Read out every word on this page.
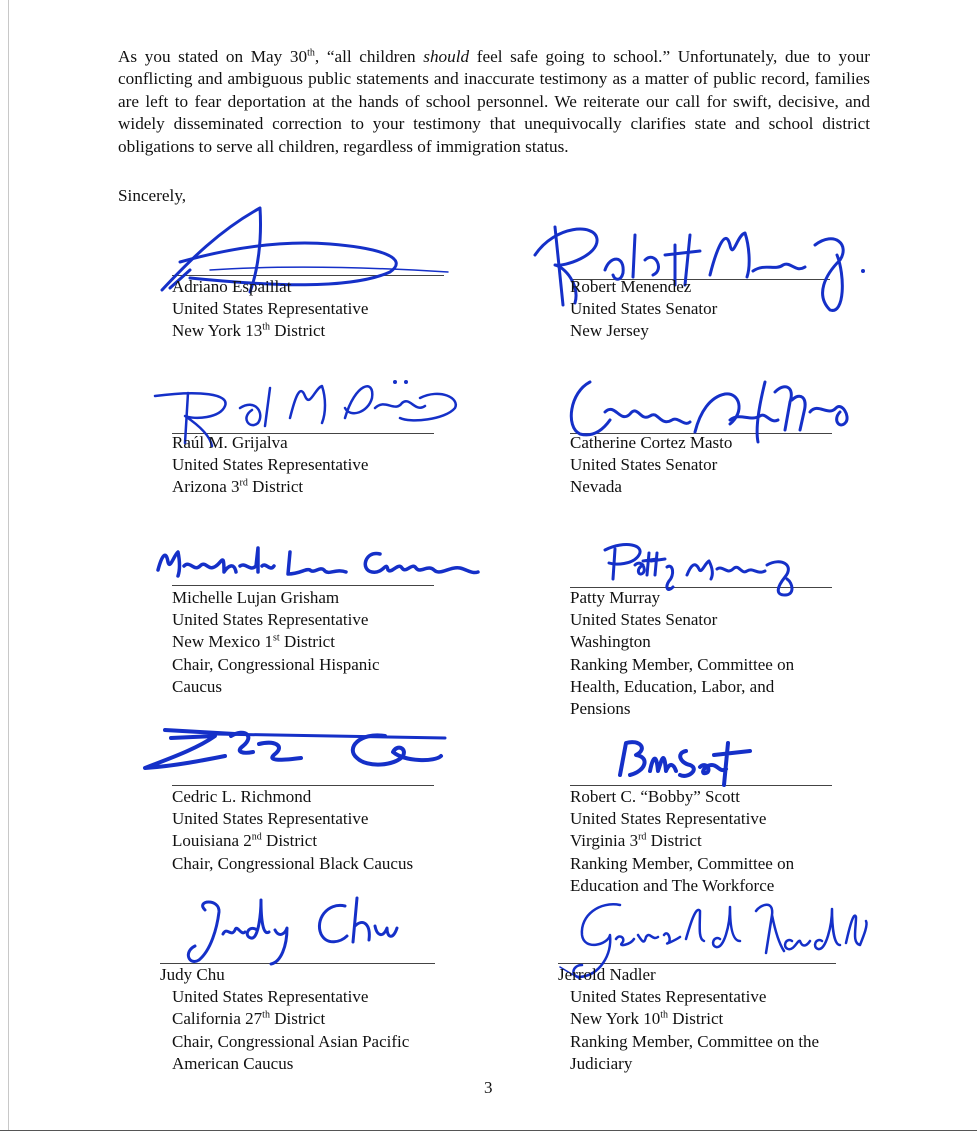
As you stated on May 30th, “all children should feel safe going to school.” Unfortunately, due to your conflicting and ambiguous public statements and inaccurate testimony as a matter of public record, families are left to fear deportation at the hands of school personnel. We reiterate our call for swift, decisive, and widely disseminated correction to your testimony that unequivocally clarifies state and school district obligations to serve all children, regardless of immigration status.

Sincerely,
Adriano Espaillat
United States Representative
New York 13th District
Robert Menendez
United States Senator
New Jersey
Raúl M. Grijalva
United States Representative
Arizona 3rd District
Catherine Cortez Masto
United States Senator
Nevada
Michelle Lujan Grisham
United States Representative
New Mexico 1st District
Chair, Congressional Hispanic
Caucus
Patty Murray
United States Senator
Washington
Ranking Member, Committee on
Health, Education, Labor, and
Pensions
Cedric L. Richmond
United States Representative
Louisiana 2nd District
Chair, Congressional Black Caucus
Robert C. “Bobby” Scott
United States Representative
Virginia 3rd District
Ranking Member, Committee on
Education and The Workforce
Judy Chu
United States Representative
California 27th District
Chair, Congressional Asian Pacific
American Caucus
Jerrold Nadler
United States Representative
New York 10th District
Ranking Member, Committee on the
Judiciary
3
